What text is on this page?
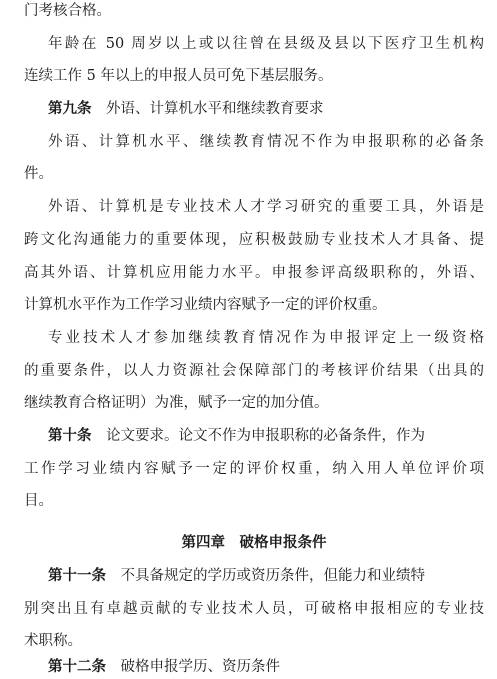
门考核合格。
年龄在 50 周岁以上或以往曾在县级及县以下医疗卫生机构
连续工作 5 年以上的申报人员可免下基层服务。
第九条　 外语、计算机水平和继续教育要求
外语、计算机水平、继续教育情况不作为申报职称的必备条
件。
外语、计算机是专业技术人才学习研究的重要工具，外语是
跨文化沟通能力的重要体现，应积极鼓励专业技术人才具备、提
高其外语、计算机应用能力水平。申报参评高级职称的，外语、
计算机水平作为工作学习业绩内容赋予一定的评价权重。
专业技术人才参加继续教育情况作为申报评定上一级资格
的重要条件，以人力资源社会保障部门的考核评价结果（出具的
继续教育合格证明）为准，赋予一定的加分值。
第十条　 论文要求。论文不作为申报职称的必备条件，作为
工作学习业绩内容赋予一定的评价权重，纳入用人单位评价项
目。
第四章　破格申报条件
第十一条　 不具备规定的学历或资历条件，但能力和业绩特
别突出且有卓越贡献的专业技术人员，可破格申报相应的专业技
术职称。
第十二条　 破格申报学历、资历条件
